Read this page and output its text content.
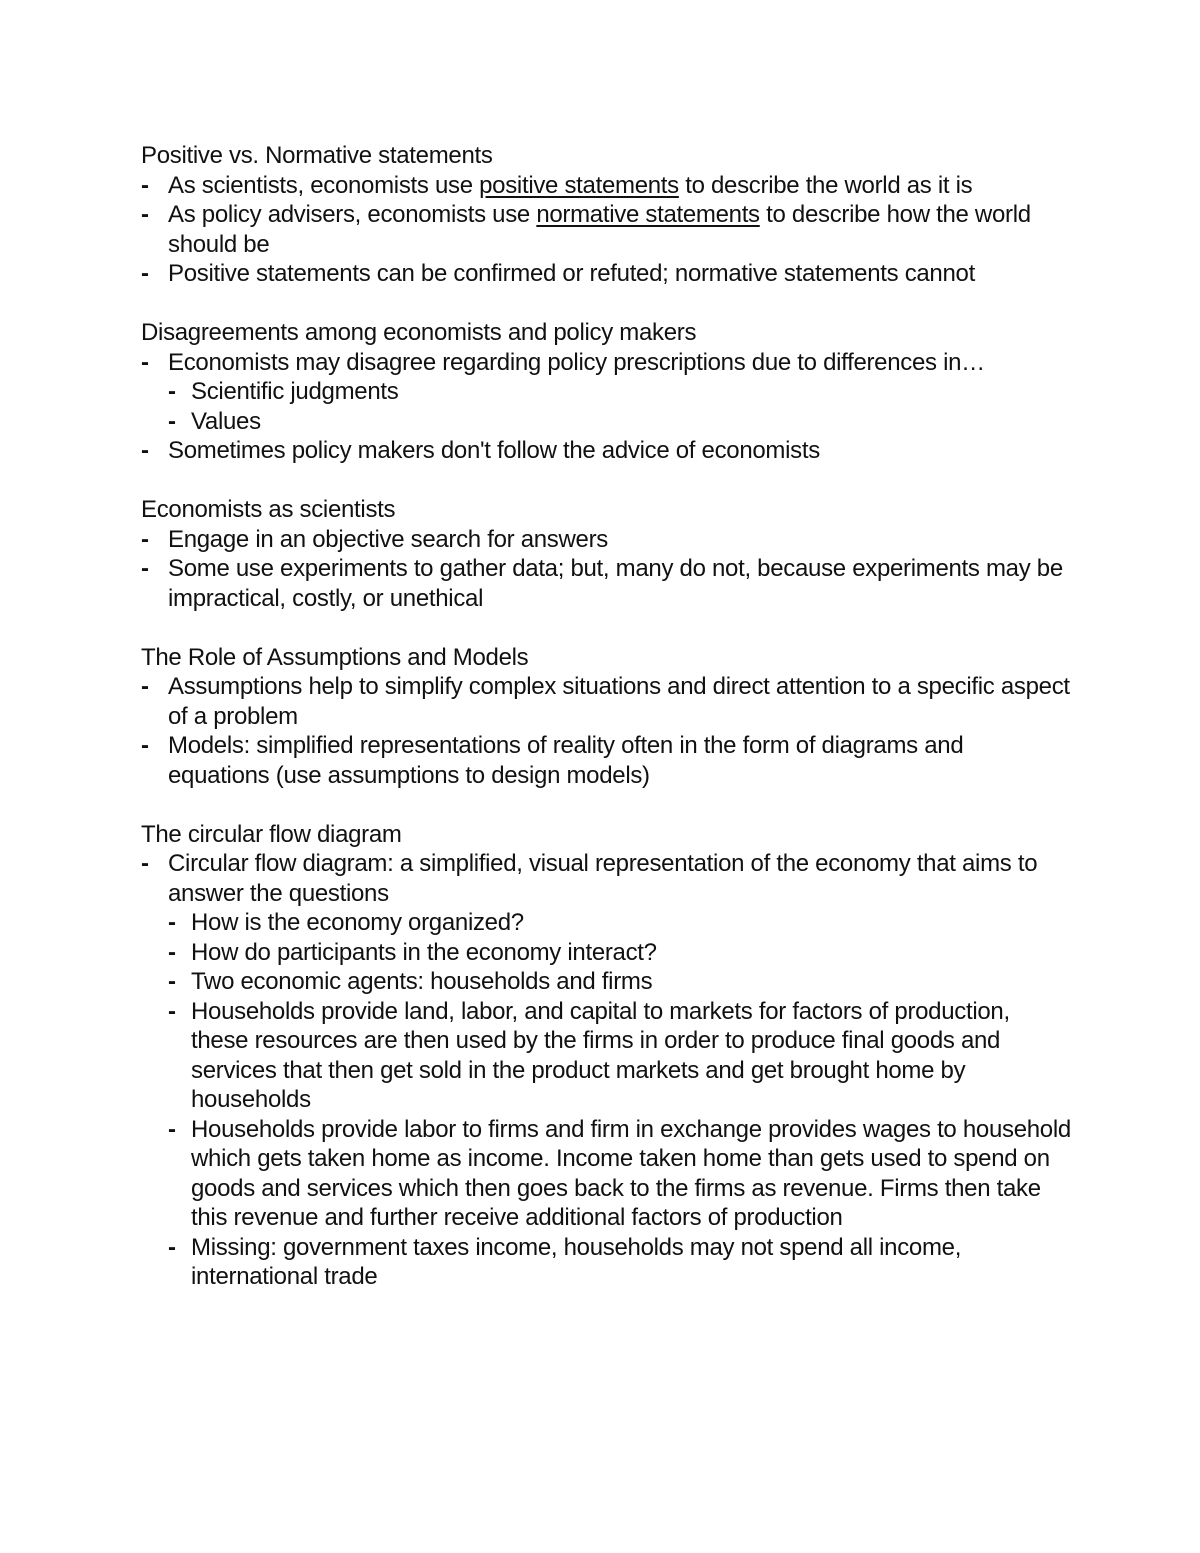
Positive vs. Normative statements

- As scientists, economists use positive statements to describe the world as it is
- As policy advisers, economists use normative statements to describe how the world should be
- Positive statements can be confirmed or refuted; normative statements cannot

Disagreements among economists and policy makers

- Economists may disagree regarding policy prescriptions due to differences in…
- Scientific judgments
- Values
- Sometimes policy makers don't follow the advice of economists

Economists as scientists

- Engage in an objective search for answers
- Some use experiments to gather data; but, many do not, because experiments may be impractical, costly, or unethical

The Role of Assumptions and Models

- Assumptions help to simplify complex situations and direct attention to a specific aspect of a problem
- Models: simplified representations of reality often in the form of diagrams and equations (use assumptions to design models)

The circular flow diagram

- Circular flow diagram: a simplified, visual representation of the economy that aims to answer the questions
- How is the economy organized?
- How do participants in the economy interact?
- Two economic agents: households and firms
- Households provide land, labor, and capital to markets for factors of production, these resources are then used by the firms in order to produce final goods and services that then get sold in the product markets and get brought home by households
- Households provide labor to firms and firm in exchange provides wages to household which gets taken home as income. Income taken home than gets used to spend on goods and services which then goes back to the firms as revenue. Firms then take this revenue and further receive additional factors of production
- Missing: government taxes income, households may not spend all income, international trade
